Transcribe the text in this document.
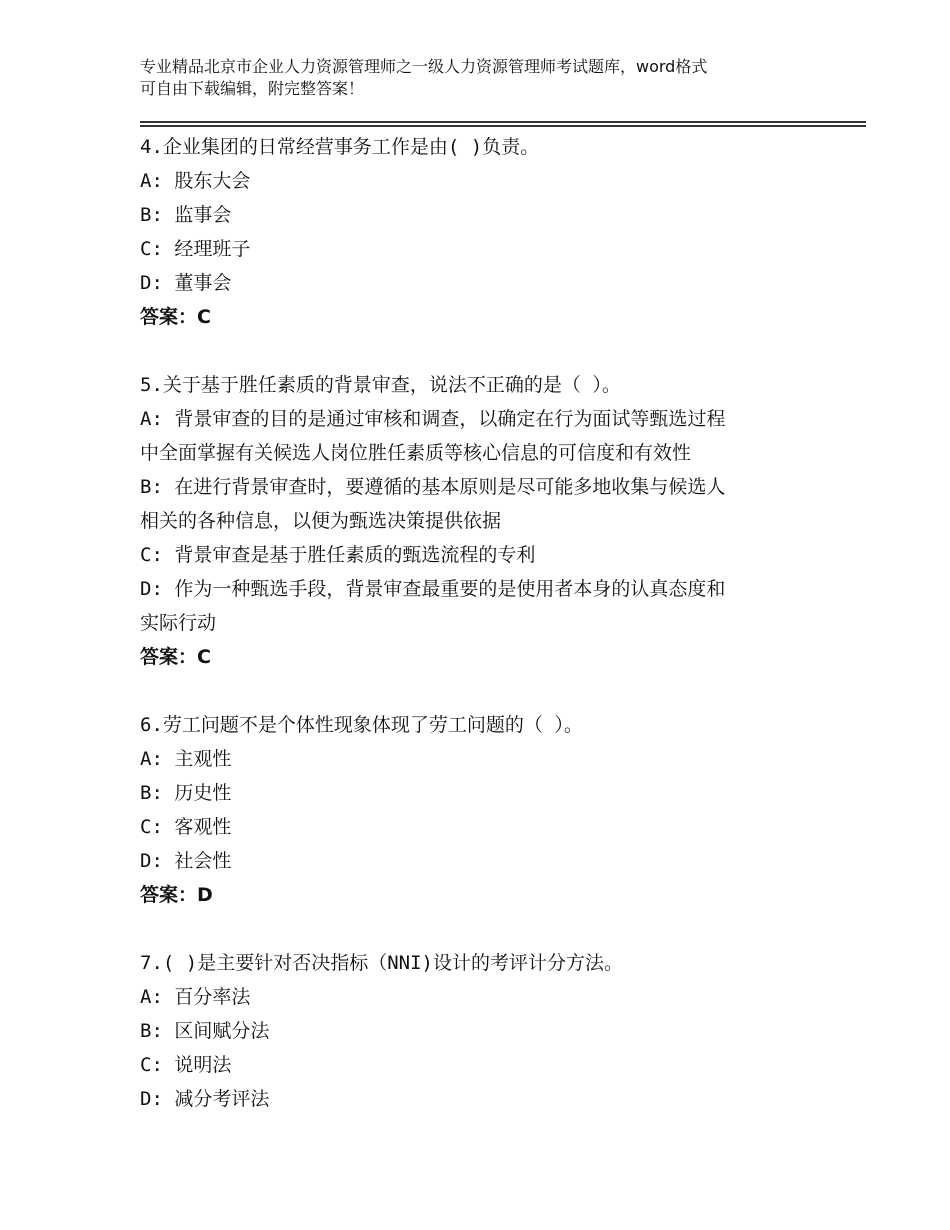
专业精品北京市企业人力资源管理师之一级人力资源管理师考试题库，word格式
可自由下载编辑，附完整答案！
4.企业集团的日常经营事务工作是由( )负责。
A: 股东大会
B: 监事会
C: 经理班子
D: 董事会
答案：C
5.关于基于胜任素质的背景审查，说法不正确的是（ ）。
A: 背景审查的目的是通过审核和调查，以确定在行为面试等甄选过程
中全面掌握有关候选人岗位胜任素质等核心信息的可信度和有效性
B: 在进行背景审查时，要遵循的基本原则是尽可能多地收集与候选人
相关的各种信息，以便为甄选决策提供依据
C: 背景审查是基于胜任素质的甄选流程的专利
D: 作为一种甄选手段，背景审查最重要的是使用者本身的认真态度和
实际行动
答案：C
6.劳工问题不是个体性现象体现了劳工问题的（ ）。
A: 主观性
B: 历史性
C: 客观性
D: 社会性
答案：D
7.( )是主要针对否决指标（NNI)设计的考评计分方法。
A: 百分率法
B: 区间赋分法
C: 说明法
D: 减分考评法
